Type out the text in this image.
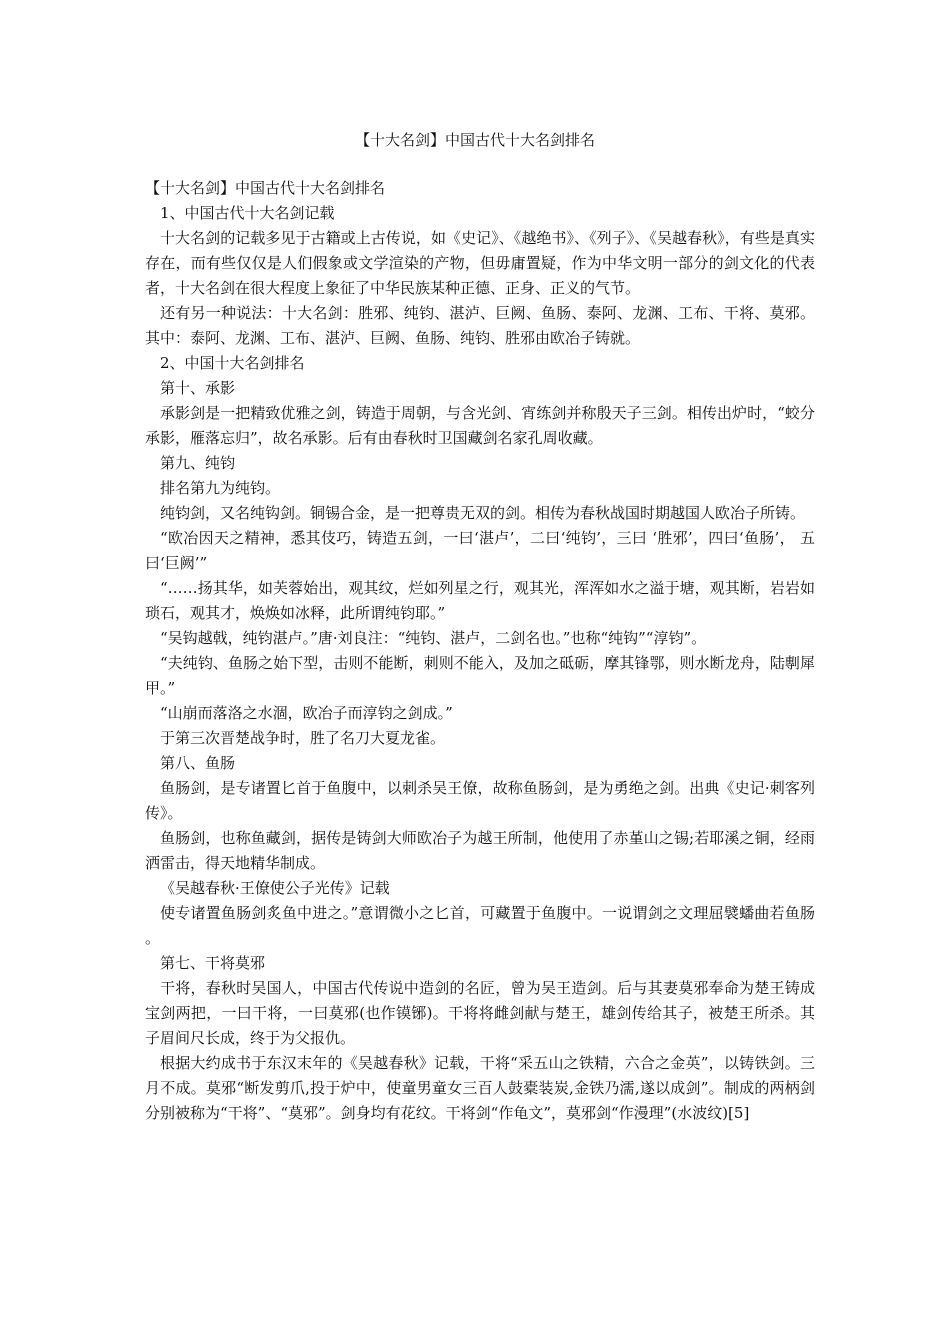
【十大名剑】中国古代十大名剑排名

【十大名剑】中国古代十大名剑排名

1、中国古代十大名剑记载

十大名剑的记载多见于古籍或上古传说，如《史记》、《越绝书》、《列子》、《吴越春秋》，有些是真实存在，而有些仅仅是人们假象或文学渲染的产物，但毋庸置疑，作为中华文明一部分的剑文化的代表者，十大名剑在很大程度上象征了中华民族某种正德、正身、正义的气节。

还有另一种说法：十大名剑：胜邪、纯钧、湛泸、巨阙、鱼肠、泰阿、龙渊、工布、干将、莫邪。其中：泰阿、龙渊、工布、湛泸、巨阙、鱼肠、纯钧、胜邪由欧冶子铸就。

2、中国十大名剑排名

第十、承影

承影剑是一把精致优雅之剑，铸造于周朝，与含光剑、宵练剑并称殷天子三剑。相传出炉时，“蛟分承影，雁落忘归”，故名承影。后有由春秋时卫国藏剑名家孔周收藏。

第九、纯钧

排名第九为纯钧。

纯钧剑，又名纯钩剑。铜锡合金，是一把尊贵无双的剑。相传为春秋战国时期越国人欧冶子所铸。

“欧冶因天之精神，悉其伎巧，铸造五剑，一曰‘湛卢’，二曰‘纯钧’，三曰 ‘胜邪’，四曰‘鱼肠’， 五曰‘巨阙’”

“……扬其华，如芙蓉始出，观其纹，烂如列星之行，观其光，浑浑如水之溢于塘，观其断，岩岩如琐石，观其才，焕焕如冰释，此所谓纯钧耶。”

“吴钩越戟，纯钧湛卢。”唐·刘良注：“纯钧、湛卢，二剑名也。”也称“纯钩”“淳钧”。

“夫纯钧、鱼肠之始下型，击则不能断，刺则不能入，及加之砥砺，摩其锋鄂，则水断龙舟，陆剸犀甲。”

“山崩而落洛之水涸，欧冶子而淳钧之剑成。”

于第三次晋楚战争时，胜了名刀大夏龙雀。

第八、鱼肠

鱼肠剑，是专诸置匕首于鱼腹中，以刺杀吴王僚，故称鱼肠剑，是为勇绝之剑。出典《史记·刺客列传》。

鱼肠剑，也称鱼藏剑，据传是铸剑大师欧冶子为越王所制，他使用了赤堇山之锡;若耶溪之铜，经雨洒雷击，得天地精华制成。

《吴越春秋·王僚使公子光传》记载

使专诸置鱼肠剑炙鱼中进之。”意谓微小之匕首，可藏置于鱼腹中。一说谓剑之文理屈襞蟠曲若鱼肠。

第七、干将莫邪

干将，春秋时吴国人，中国古代传说中造剑的名匠，曾为吴王造剑。后与其妻莫邪奉命为楚王铸成宝剑两把，一曰干将，一曰莫邪(也作镆铘)。干将将雌剑献与楚王，雄剑传给其子，被楚王所杀。其子眉间尺长成，终于为父报仇。

根据大约成书于东汉末年的《吴越春秋》记载，干将“采五山之铁精，六合之金英”，以铸铁剑。三月不成。莫邪“断发剪爪,投于炉中，使童男童女三百人鼓橐装炭,金铁乃濡,遂以成剑”。制成的两柄剑分别被称为“干将”、“莫邪”。剑身均有花纹。干将剑“作龟文”，莫邪剑“作漫理”(水波纹)[5]
